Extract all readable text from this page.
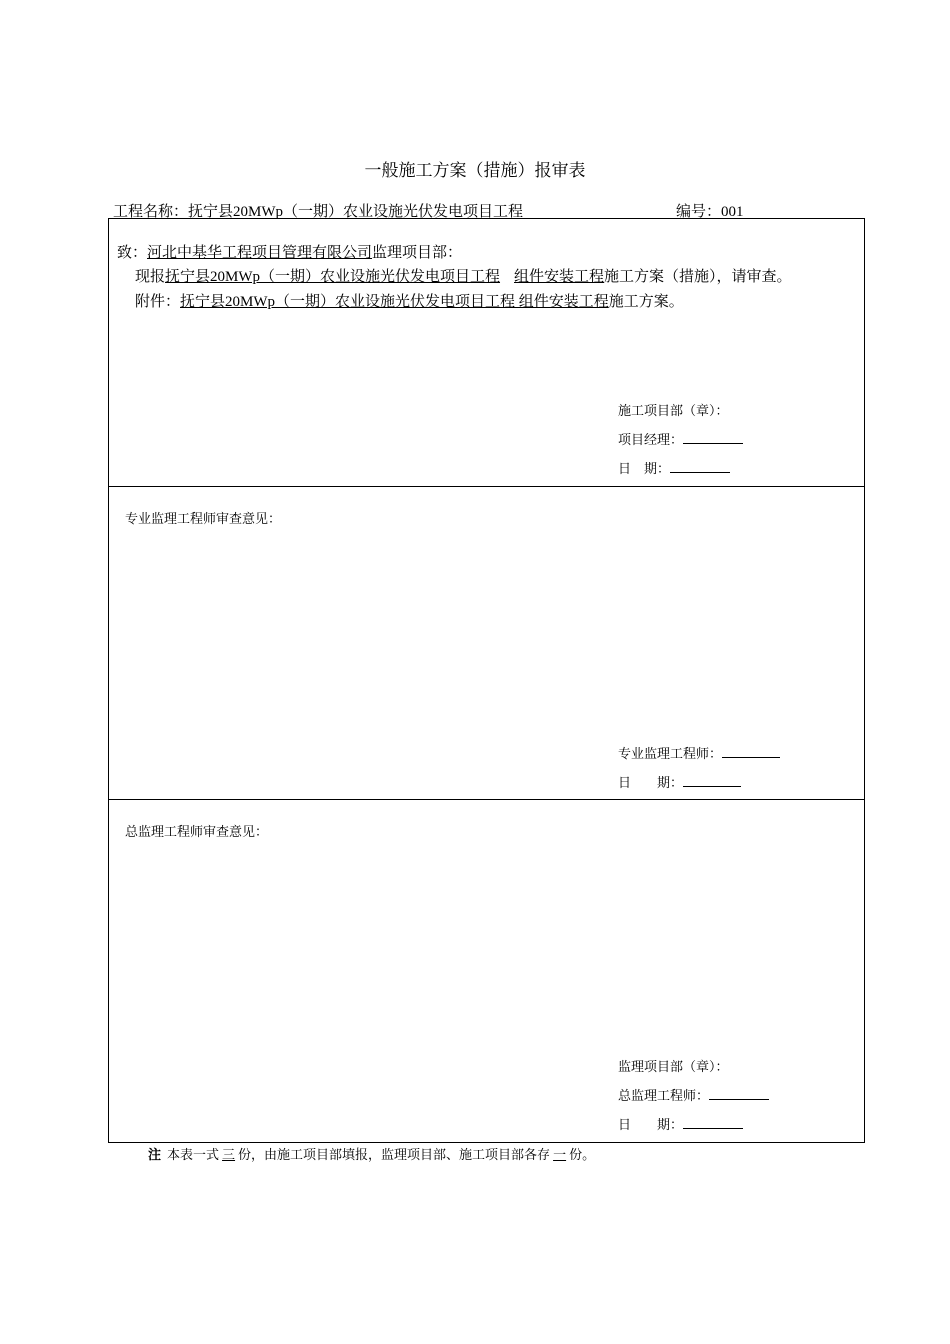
一般施工方案（措施）报审表
工程名称：抚宁县20MWp（一期）农业设施光伏发电项目工程	编号：001
致：河北中基华工程项目管理有限公司监理项目部：
现报抚宁县20MWp（一期）农业设施光伏发电项目工程 组件安装工程施工方案（措施），请审查。
附件：抚宁县20MWp（一期）农业设施光伏发电项目工程 组件安装工程施工方案。
施工项目部（章）：
项目经理：
日　期：
专业监理工程师审查意见：
专业监理工程师：
日　　期：
总监理工程师审查意见：
监理项目部（章）：
总监理工程师：
日　　期：
注 本表一式 三 份，由施工项目部填报，监理项目部、施工项目部各存 一 份。
